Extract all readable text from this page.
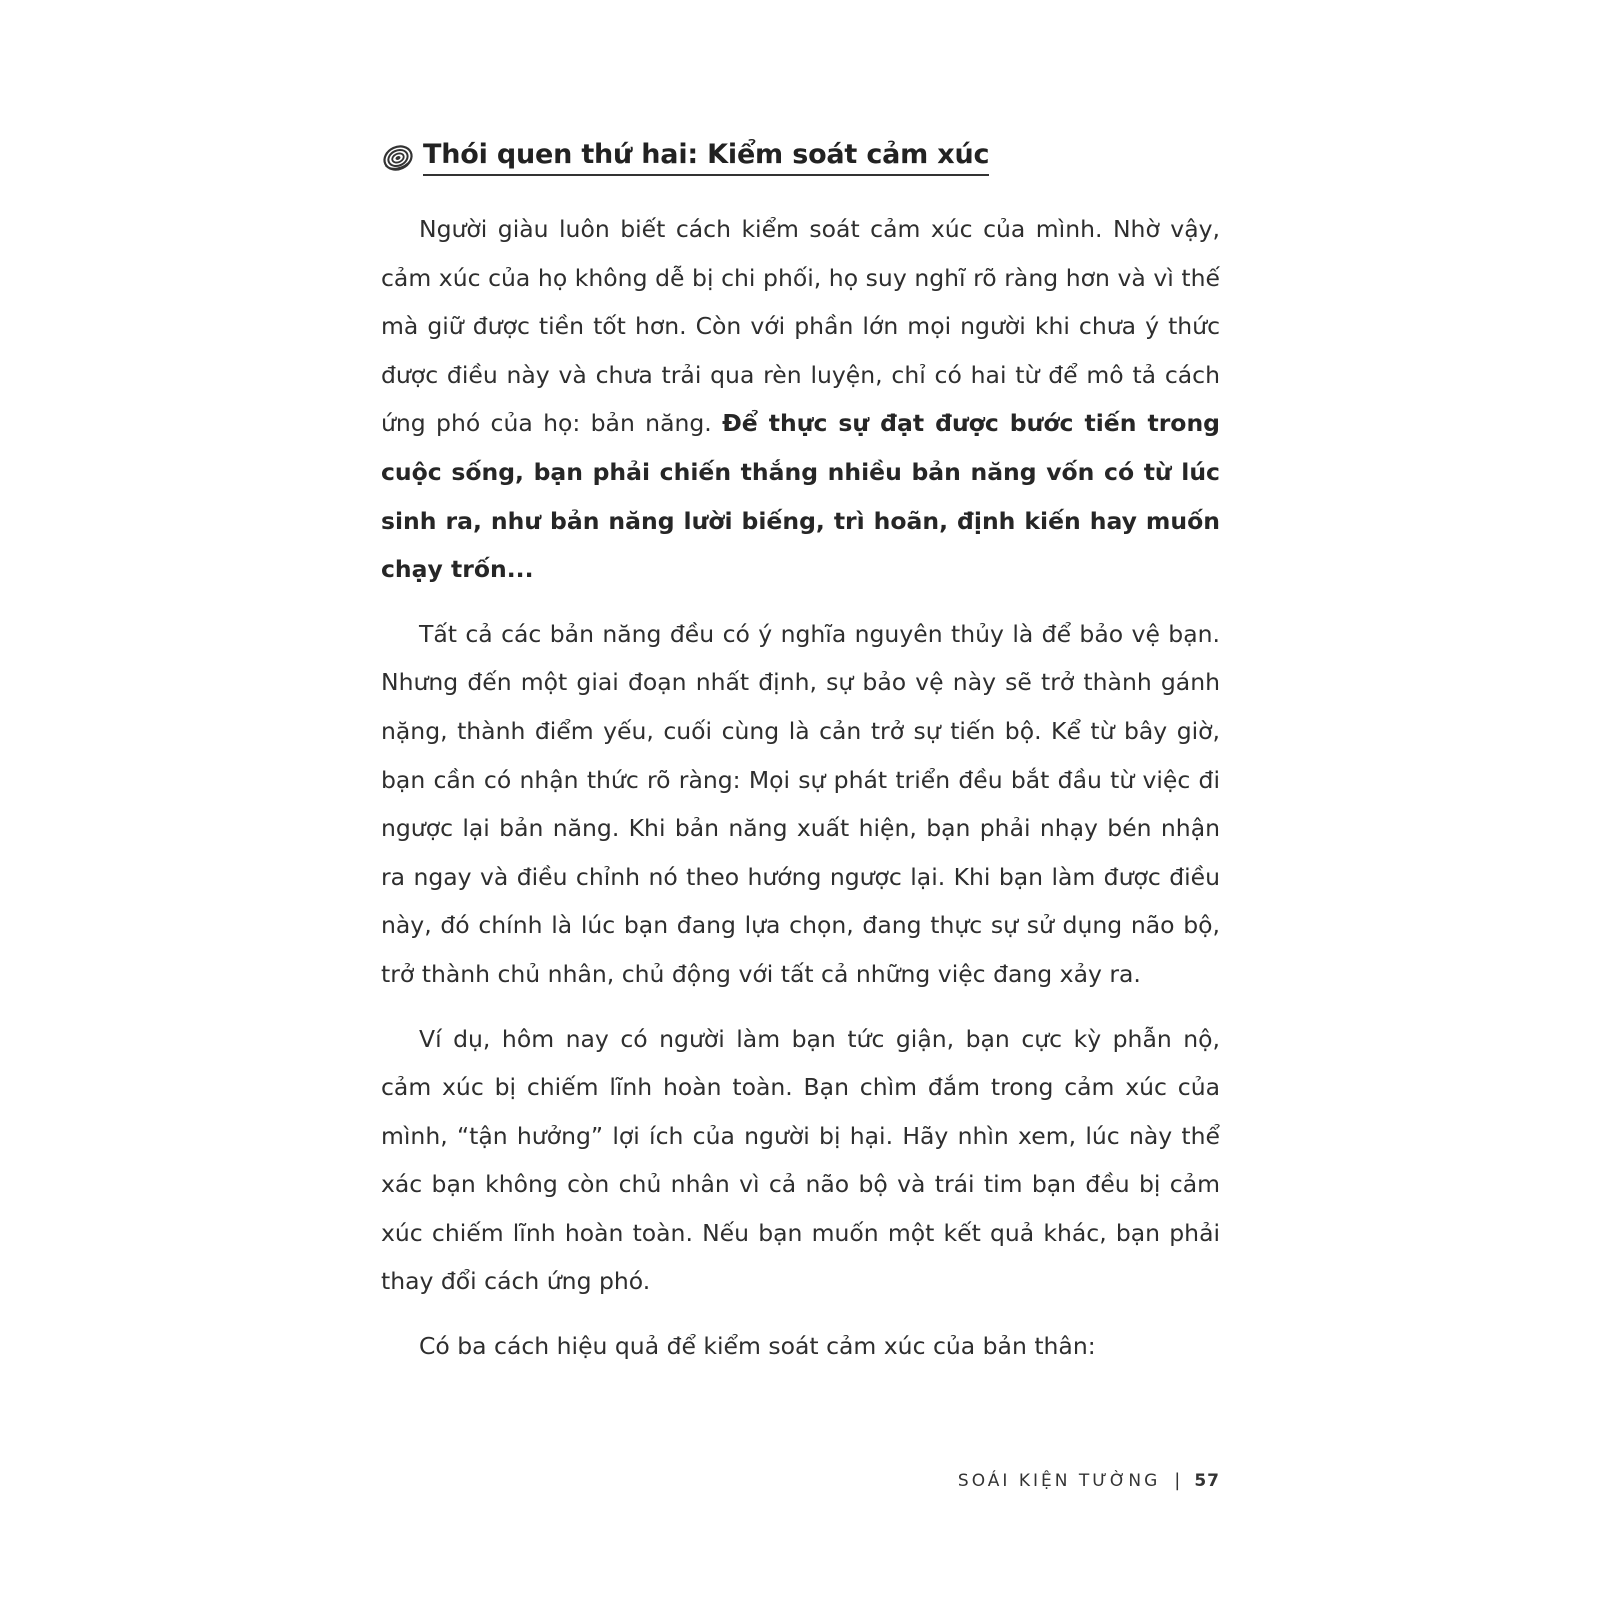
Thói quen thứ hai: Kiểm soát cảm xúc

Người giàu luôn biết cách kiểm soát cảm xúc của mình. Nhờ vậy, cảm xúc của họ không dễ bị chi phối, họ suy nghĩ rõ ràng hơn và vì thế mà giữ được tiền tốt hơn. Còn với phần lớn mọi người khi chưa ý thức được điều này và chưa trải qua rèn luyện, chỉ có hai từ để mô tả cách ứng phó của họ: bản năng. Để thực sự đạt được bước tiến trong cuộc sống, bạn phải chiến thắng nhiều bản năng vốn có từ lúc sinh ra, như bản năng lười biếng, trì hoãn, định kiến hay muốn chạy trốn...

Tất cả các bản năng đều có ý nghĩa nguyên thủy là để bảo vệ bạn. Nhưng đến một giai đoạn nhất định, sự bảo vệ này sẽ trở thành gánh nặng, thành điểm yếu, cuối cùng là cản trở sự tiến bộ. Kể từ bây giờ, bạn cần có nhận thức rõ ràng: Mọi sự phát triển đều bắt đầu từ việc đi ngược lại bản năng. Khi bản năng xuất hiện, bạn phải nhạy bén nhận ra ngay và điều chỉnh nó theo hướng ngược lại. Khi bạn làm được điều này, đó chính là lúc bạn đang lựa chọn, đang thực sự sử dụng não bộ, trở thành chủ nhân, chủ động với tất cả những việc đang xảy ra.

Ví dụ, hôm nay có người làm bạn tức giận, bạn cực kỳ phẫn nộ, cảm xúc bị chiếm lĩnh hoàn toàn. Bạn chìm đắm trong cảm xúc của mình, “tận hưởng” lợi ích của người bị hại. Hãy nhìn xem, lúc này thể xác bạn không còn chủ nhân vì cả não bộ và trái tim bạn đều bị cảm xúc chiếm lĩnh hoàn toàn. Nếu bạn muốn một kết quả khác, bạn phải thay đổi cách ứng phó.

Có ba cách hiệu quả để kiểm soát cảm xúc của bản thân:

SOÁI KIỆN TƯỜNG | 57
